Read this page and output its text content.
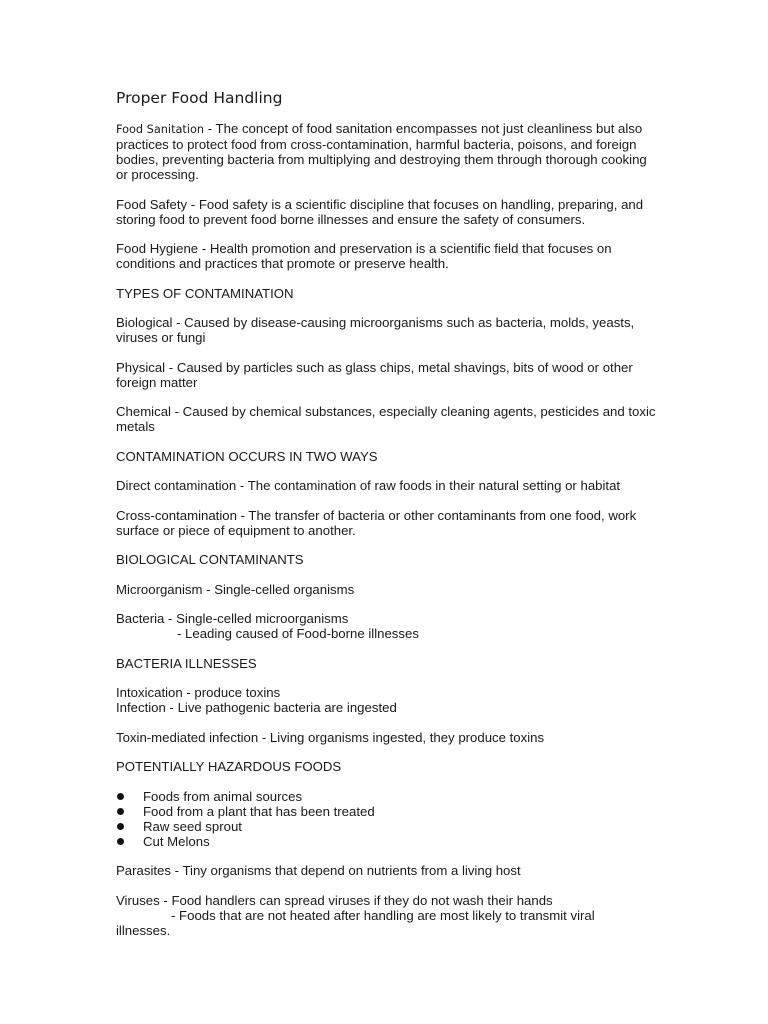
Proper Food Handling
Food Sanitation - The concept of food sanitation encompasses not just cleanliness but also practices to protect food from cross-contamination, harmful bacteria, poisons, and foreign bodies, preventing bacteria from multiplying and destroying them through thorough cooking or processing.
Food Safety - Food safety is a scientific discipline that focuses on handling, preparing, and storing food to prevent food borne illnesses and ensure the safety of consumers.
Food Hygiene - Health promotion and preservation is a scientific field that focuses on conditions and practices that promote or preserve health.
TYPES OF CONTAMINATION
Biological - Caused by disease-causing microorganisms such as bacteria, molds, yeasts, viruses or fungi
Physical - Caused by particles such as glass chips, metal shavings, bits of wood or other foreign matter
Chemical - Caused by chemical substances, especially cleaning agents, pesticides and toxic metals
CONTAMINATION OCCURS IN TWO WAYS
Direct contamination - The contamination of raw foods in their natural setting or habitat
Cross-contamination - The transfer of bacteria or other contaminants from one food, work surface or piece of equipment to another.
BIOLOGICAL CONTAMINANTS
Microorganism - Single-celled organisms
Bacteria - Single-celled microorganisms
- Leading caused of Food-borne illnesses
BACTERIA ILLNESSES
Intoxication - produce toxins
Infection - Live pathogenic bacteria are ingested
Toxin-mediated infection - Living organisms ingested, they produce toxins
POTENTIALLY HAZARDOUS FOODS
Foods from animal sources
Food from a plant that has been treated
Raw seed sprout
Cut Melons
Parasites - Tiny organisms that depend on nutrients from a living host
Viruses - Food handlers can spread viruses if they do not wash their hands
- Foods that are not heated after handling are most likely to transmit viral
illnesses.
